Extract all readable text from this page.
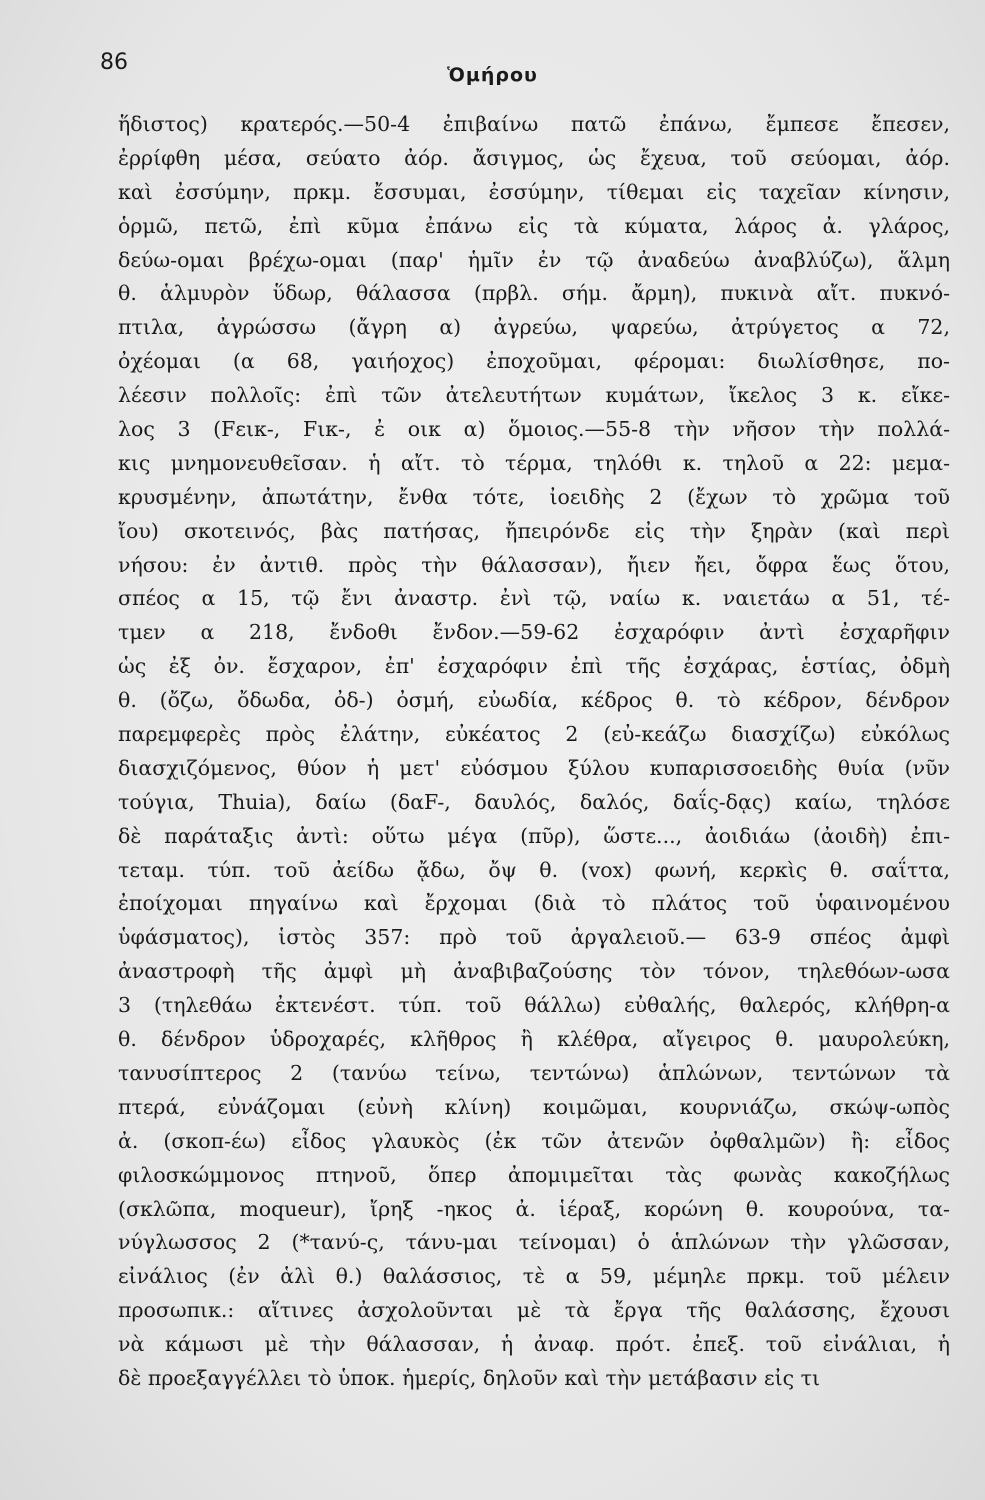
86	Ὁμήρου
ἥδιστος) κρατερός.—50-4 ἐπιβαίνω πατῶ ἐπάνω, ἔμπεσε ἔπεσεν,
ἐρρίφθη μέσα, σεύατο ἀόρ. ἄσιγμος, ὡς ἔχευα, τοῦ σεύομαι, ἀόρ.
καὶ ἐσσύμην, πρκμ. ἔσσυμαι, ἐσσύμην, τίθεμαι εἰς ταχεῖαν κίνησιν,
ὁρμῶ, πετῶ, ἐπὶ κῦμα ἐπάνω εἰς τὰ κύματα, λάρος ἀ. γλάρος,
δεύω-ομαι βρέχω-ομαι (παρ' ἡμῖν ἐν τῷ ἀναδεύω ἀναβλύζω), ἅλμη
θ. ἁλμυρὸν ὕδωρ, θάλασσα (πρβλ. σήμ. ἄρμη), πυκινὰ αἴτ. πυκνό-
πτιλα, ἀγρώσσω (ἄγρη α) ἀγρεύω, ψαρεύω, ἀτρύγετος α 72,
ὀχέομαι (α 68, γαιήοχος) ἐποχοῦμαι, φέρομαι: διωλίσθησε, πο-
λέεσιν πολλοῖς: ἐπὶ τῶν ἀτελευτήτων κυμάτων, ἴκελος 3 κ. εἴκε-
λος 3 (Fεικ-, Fικ-, ἐ οικ α) ὅμοιος.—55-8 τὴν νῆσον τὴν πολλά-
κις μνημονευθεῖσαν. ἡ αἴτ. τὸ τέρμα, τηλόθι κ. τηλοῦ α 22: μεμα-
κρυσμένην, ἀπωτάτην, ἔνθα τότε, ἰοειδὴς 2 (ἔχων τὸ χρῶμα τοῦ
ἴου) σκοτεινός, βὰς πατήσας, ἤπειρόνδε εἰς τὴν ξηρὰν (καὶ περὶ
νήσου: ἐν ἀντιθ. πρὸς τὴν θάλασσαν), ἤιεν ἤει, ὄφρα ἕως ὅτου,
σπέος α 15, τῷ ἔνι ἀναστρ. ἐνὶ τῷ, ναίω κ. ναιετάω α 51, τέ-
τμεν α 218, ἔνδοθι ἔνδον.—59-62 ἐσχαρόφιν ἀντὶ ἐσχαρῆφιν
ὡς ἐξ ὀν. ἔσχαρον, ἐπ' ἐσχαρόφιν ἐπὶ τῆς ἐσχάρας, ἑστίας, ὀδμὴ
θ. (ὄζω, ὄδωδα, ὀδ-) ὀσμή, εὐωδία, κέδρος θ. τὸ κέδρον, δένδρον
παρεμφερὲς πρὸς ἐλάτην, εὐκέατος 2 (εὐ-κεάζω διασχίζω) εὐκόλως
διασχιζόμενος, θύον ἡ μετ' εὐόσμου ξύλου κυπαρισσοειδὴς θυία (νῦν
τούγια, Thuia), δαίω (δαF-, δαυλός, δαλός, δαΐς-δᾳς) καίω, τηλόσε
δὲ παράταξις ἀντὶ: οὕτω μέγα (πῦρ), ὥστε..., ἀοιδιάω (ἀοιδὴ) ἐπι-
τεταμ. τύπ. τοῦ ἀείδω ᾄδω, ὄψ θ. (vox) φωνή, κερκὶς θ. σαΐττα,
ἐποίχομαι πηγαίνω καὶ ἔρχομαι (διὰ τὸ πλάτος τοῦ ὑφαινομένου
ὑφάσματος), ἱστὸς 357: πρὸ τοῦ ἀργαλειοῦ.— 63-9 σπέος ἀμφὶ
ἀναστροφὴ τῆς ἀμφὶ μὴ ἀναβιβαζούσης τὸν τόνον, τηλεθόων-ωσα
3 (τηλεθάω ἐκτενέστ. τύπ. τοῦ θάλλω) εὐθαλής, θαλερός, κλήθρη-α
θ. δένδρον ὑδροχαρές, κλῆθρος ἢ κλέθρα, αἴγειρος θ. μαυρολεύκη,
τανυσίπτερος 2 (τανύω τείνω, τεντώνω) ἁπλώνων, τεντώνων τὰ
πτερά, εὐνάζομαι (εὐνὴ κλίνη) κοιμῶμαι, κουρνιάζω, σκώψ-ωπὸς
ἀ. (σκοπ-έω) εἶδος γλαυκὸς (ἐκ τῶν ἀτενῶν ὀφθαλμῶν) ἢ: εἶδος
φιλοσκώμμονος πτηνοῦ, ὅπερ ἀπομιμεῖται τὰς φωνὰς κακοζήλως
(σκλῶπα, moqueur), ἴρηξ -ηκος ἀ. ἱέραξ, κορώνη θ. κουρούνα, τα-
νύγλωσσος 2 (*τανύ-ς, τάνυ-μαι τείνομαι) ὁ ἁπλώνων τὴν γλῶσσαν,
εἰνάλιος (ἐν ἁλὶ θ.) θαλάσσιος, τὲ α 59, μέμηλε πρκμ. τοῦ μέλειν
προσωπικ.: αἵτινες ἀσχολοῦνται μὲ τὰ ἔργα τῆς θαλάσσης, ἔχουσι
νὰ κάμωσι μὲ τὴν θάλασσαν, ἡ ἀναφ. πρότ. ἐπεξ. τοῦ εἰνάλιαι, ἡ
δὲ προεξαγγέλλει τὸ ὑποκ. ἡμερίς, δηλοῦν καὶ τὴν μετάβασιν εἰς τι
